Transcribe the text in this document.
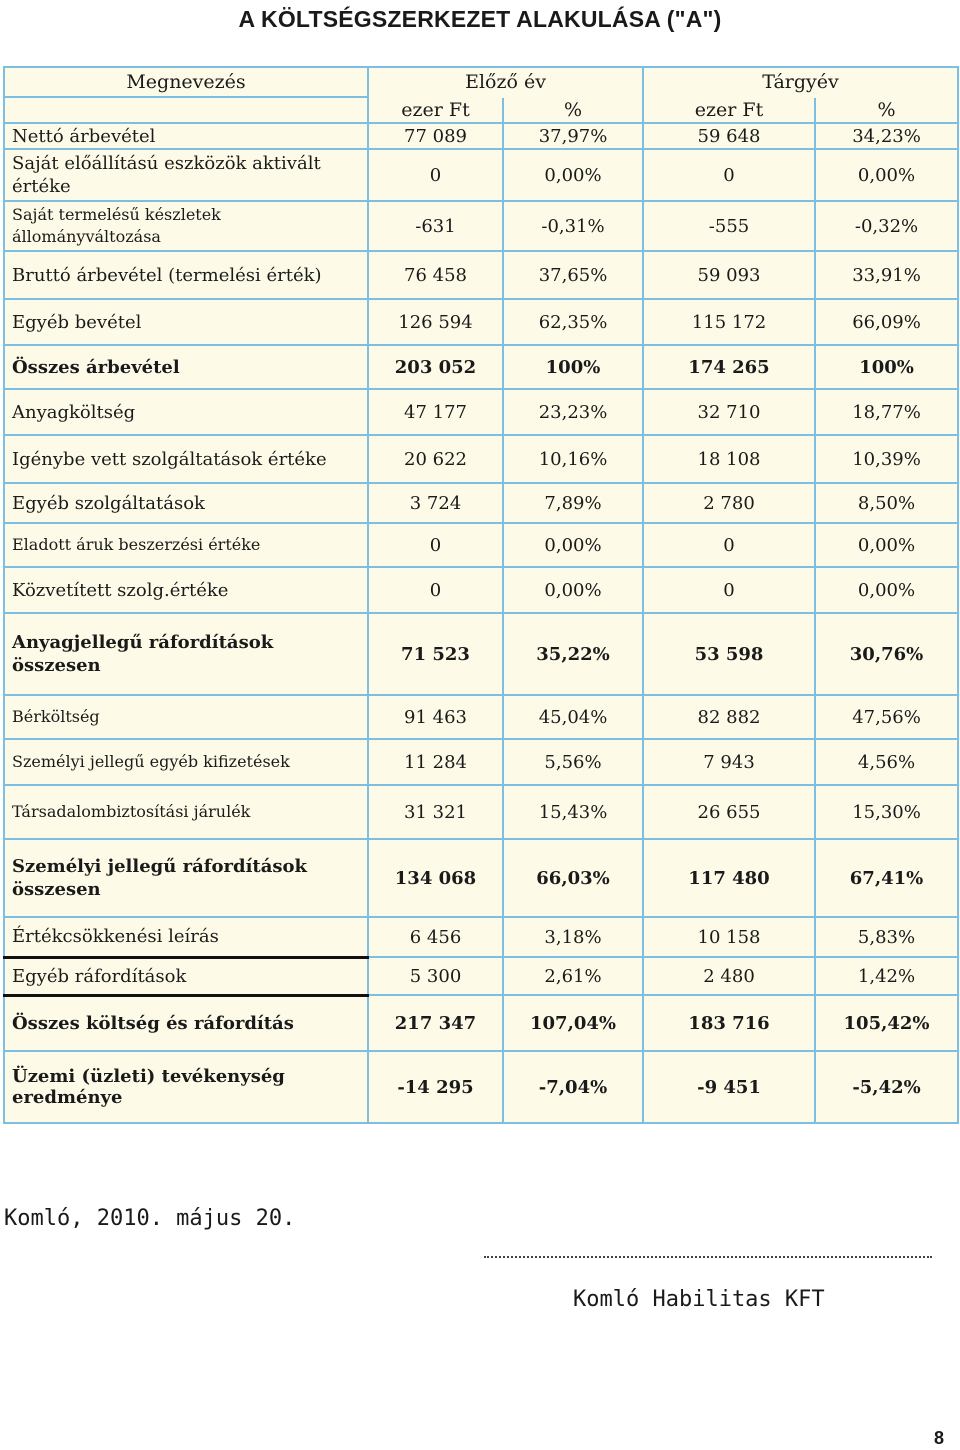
A KÖLTSÉGSZERKEZET ALAKULÁSA ("A")
Megnevezés	Előző év		Tárgyév	
	ezer Ft	%	ezer Ft	%
Nettó árbevétel	77 089	37,97%	59 648	34,23%
Saját előállítású eszközök aktivált értéke	0	0,00%	0	0,00%
Saját termelésű készletek állományváltozása	-631	-0,31%	-555	-0,32%
Bruttó árbevétel (termelési érték)	76 458	37,65%	59 093	33,91%
Egyéb bevétel	126 594	62,35%	115 172	66,09%
Összes árbevétel	203 052	100%	174 265	100%
Anyagköltség	47 177	23,23%	32 710	18,77%
Igénybe vett szolgáltatások értéke	20 622	10,16%	18 108	10,39%
Egyéb szolgáltatások	3 724	7,89%	2 780	8,50%
Eladott áruk beszerzési értéke	0	0,00%	0	0,00%
Közvetített szolg.értéke	0	0,00%	0	0,00%
Anyagjellegű ráfordítások összesen	71 523	35,22%	53 598	30,76%
Bérköltség	91 463	45,04%	82 882	47,56%
Személyi jellegű egyéb kifizetések	11 284	5,56%	7 943	4,56%
Társadalombiztosítási járulék	31 321	15,43%	26 655	15,30%
Személyi jellegű ráfordítások összesen	134 068	66,03%	117 480	67,41%
Értékcsökkenési leírás	6 456	3,18%	10 158	5,83%
Egyéb ráfordítások	5 300	2,61%	2 480	1,42%
Összes költség és ráfordítás	217 347	107,04%	183 716	105,42%
Üzemi (üzleti) tevékenység eredménye	-14 295	-7,04%	-9 451	-5,42%
Komló, 2010. május 20.
Komló Habilitas KFT
8
